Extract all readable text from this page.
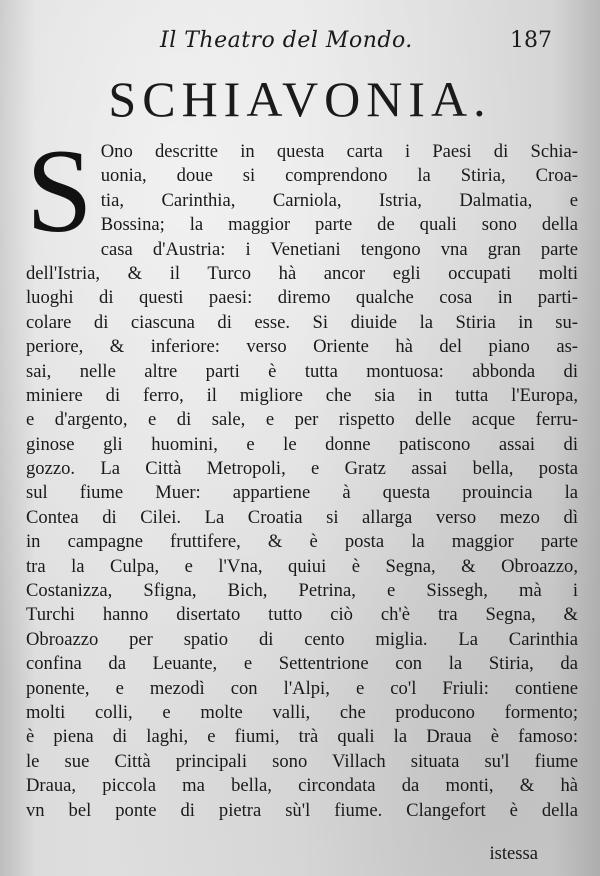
Il Theatro del Mondo.	187
SCHIAVONIA.
S Ono descritte in questa carta i Paesi di Schia-
uonia, doue si comprendono la Stiria, Croa-
tia, Carinthia, Carniola, Istria, Dalmatia, e
Bossina; la maggior parte de quali sono della
casa d'Austria: i Venetiani tengono vna gran parte
dell'Istria, & il Turco hà ancor egli occupati molti
luoghi di questi paesi: diremo qualche cosa in parti-
colare di ciascuna di esse. Si diuide la Stiria in su-
periore, & inferiore: verso Oriente hà del piano as-
sai, nelle altre parti è tutta montuosa: abbonda di
miniere di ferro, il migliore che sia in tutta l'Europa,
e d'argento, e di sale, e per rispetto delle acque ferru-
ginose gli huomini, e le donne patiscono assai di
gozzo. La Città Metropoli, e Gratz assai bella, posta
sul fiume Muer: appartiene à questa prouincia la
Contea di Cilei. La Croatia si allarga verso mezo dì
in campagne fruttifere, & è posta la maggior parte
tra la Culpa, e l'Vna, quiui è Segna, & Obroazzo,
Costanizza, Sfigna, Bich, Petrina, e Sissegh, mà i
Turchi hanno disertato tutto ciò ch'è tra Segna, &
Obroazzo per spatio di cento miglia. La Carinthia
confina da Leuante, e Settentrione con la Stiria, da
ponente, e mezodì con l'Alpi, e co'l Friuli: contiene
molti colli, e molte valli, che producono formento;
è piena di laghi, e fiumi, trà quali la Draua è famoso:
le sue Città principali sono Villach situata su'l fiume
Draua, piccola ma bella, circondata da monti, & hà
vn bel ponte di pietra sù'l fiume. Clangefort è della
istessa
